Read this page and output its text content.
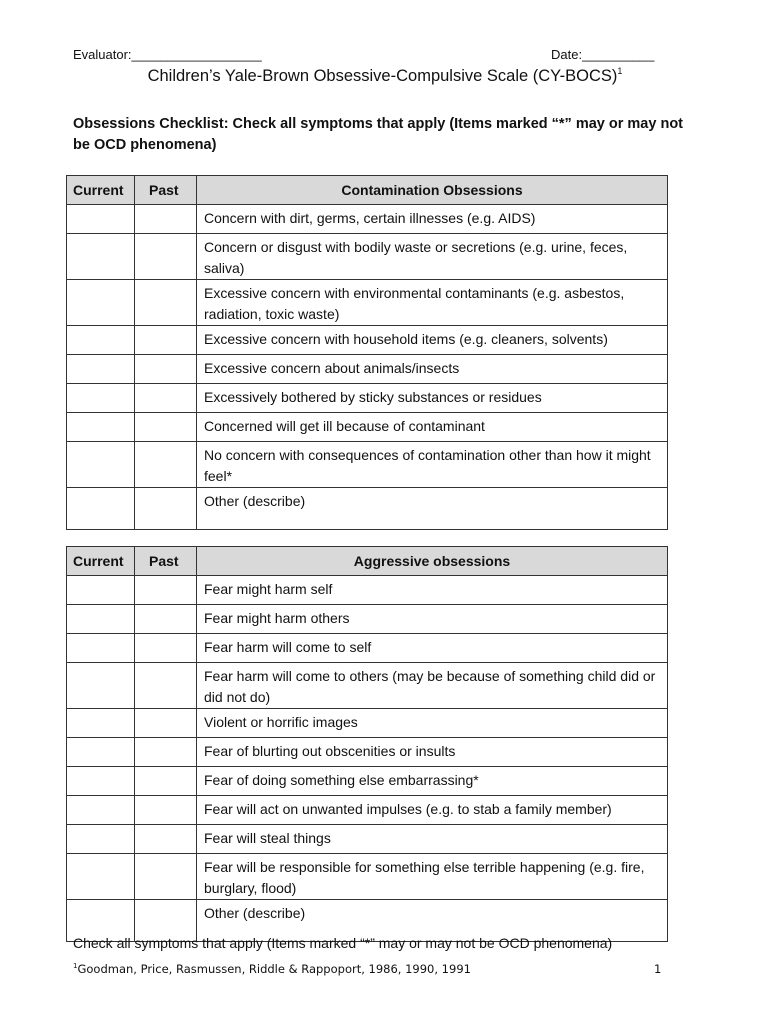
Evaluator:__________________	Date:__________
Children’s Yale-Brown Obsessive-Compulsive Scale (CY-BOCS)$^1$
Obsessions Checklist: Check all symptoms that apply (Items marked “*” may or may not be OCD phenomena)
Current	Past	Contamination Obsessions
		Concern with dirt, germs, certain illnesses (e.g. AIDS)
		Concern or disgust with bodily waste or secretions (e.g. urine, feces, saliva)
		Excessive concern with environmental contaminants (e.g. asbestos, radiation, toxic waste)
		Excessive concern with household items (e.g. cleaners, solvents)
		Excessive concern about animals/insects
		Excessively bothered by sticky substances or residues
		Concerned will get ill because of contaminant
		No concern with consequences of contamination other than how it might feel*
		Other (describe)
Current	Past	Aggressive obsessions
		Fear might harm self
		Fear might harm others
		Fear harm will come to self
		Fear harm will come to others (may be because of something child did or did not do)
		Violent or horrific images
		Fear of blurting out obscenities or insults
		Fear of doing something else embarrassing*
		Fear will act on unwanted impulses (e.g. to stab a family member)
		Fear will steal things
		Fear will be responsible for something else terrible happening (e.g. fire, burglary, flood)
		Other (describe)
Check all symptoms that apply (Items marked “*” may or may not be OCD phenomena)
$^1$Goodman, Price, Rasmussen, Riddle & Rappoport, 1986, 1990, 1991	1
